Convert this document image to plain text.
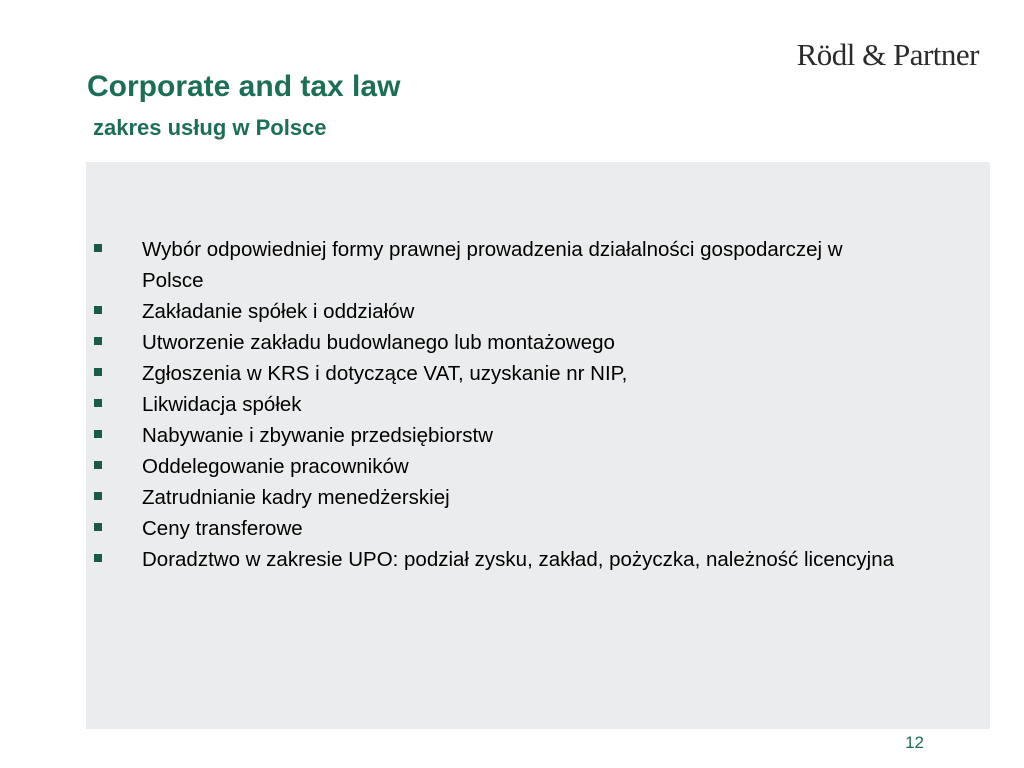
Rödl & Partner
Corporate and tax law
zakres usług w Polsce
Wybór odpowiedniej formy prawnej prowadzenia działalności gospodarczej w Polsce
Zakładanie spółek i oddziałów
Utworzenie zakładu budowlanego lub montażowego
Zgłoszenia w KRS i dotyczące VAT, uzyskanie nr NIP,
Likwidacja spółek
Nabywanie i zbywanie przedsiębiorstw
Oddelegowanie pracowników
Zatrudnianie kadry menedżerskiej
Ceny transferowe
Doradztwo w zakresie UPO: podział zysku, zakład, pożyczka, należność licencyjna
12
